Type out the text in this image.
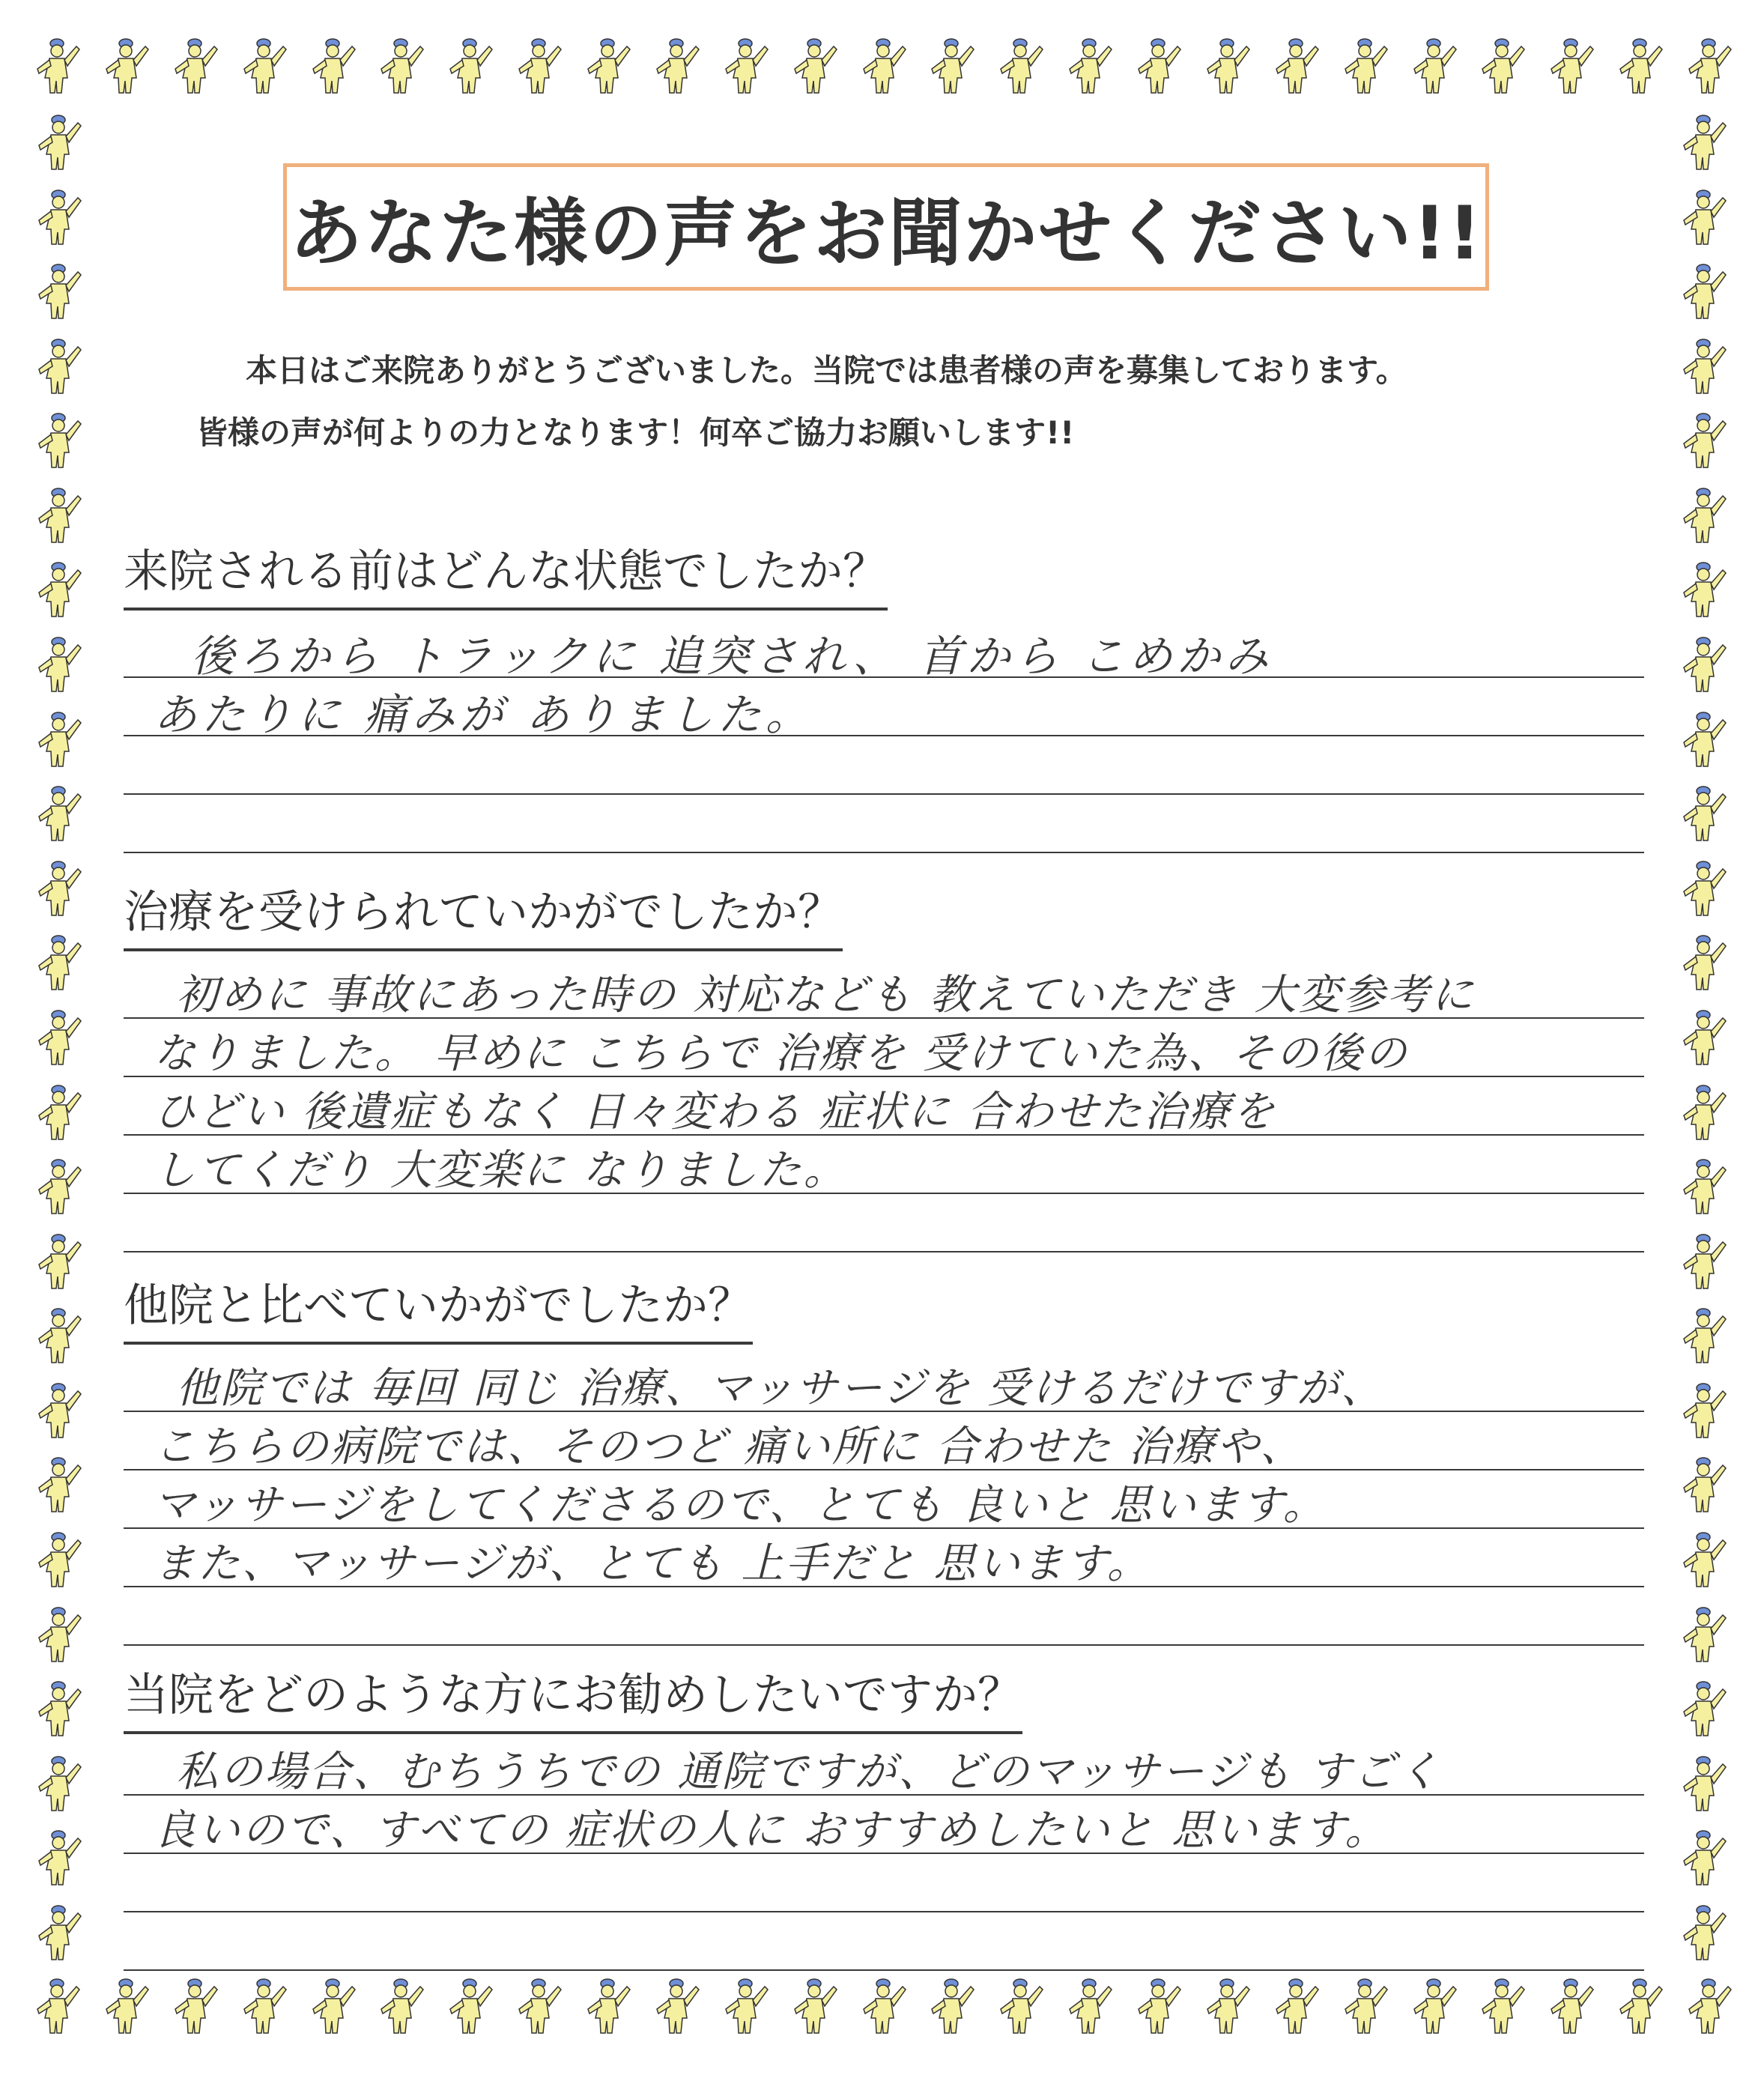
あなた様の声をお聞かせください!!
本日はご来院ありがとうございました。当院では患者様の声を募集しております。
皆様の声が何よりの力となります！何卒ご協力お願いします!!
来院される前はどんな状態でしたか？
後ろから トラックに 追突され、 首から こめかみ
あたりに 痛みが ありました。
治療を受けられていかがでしたか？
初めに 事故にあった時の 対応なども 教えていただき 大変参考に
なりました。 早めに こちらで 治療を 受けていた為、その後の
ひどい 後遺症もなく 日々変わる 症状に 合わせた治療を
してくだり 大変楽に なりました。
他院と比べていかがでしたか？
他院では 毎回 同じ 治療、マッサージを 受けるだけですが、
こちらの病院では、そのつど 痛い所に 合わせた 治療や、
マッサージをしてくださるので、とても 良いと 思います。
また、マッサージが、とても 上手だと 思います。
当院をどのような方にお勧めしたいですか？
私の場合、むちうちでの 通院ですが、どのマッサージも すごく
良いので、すべての 症状の人に おすすめしたいと 思います。
